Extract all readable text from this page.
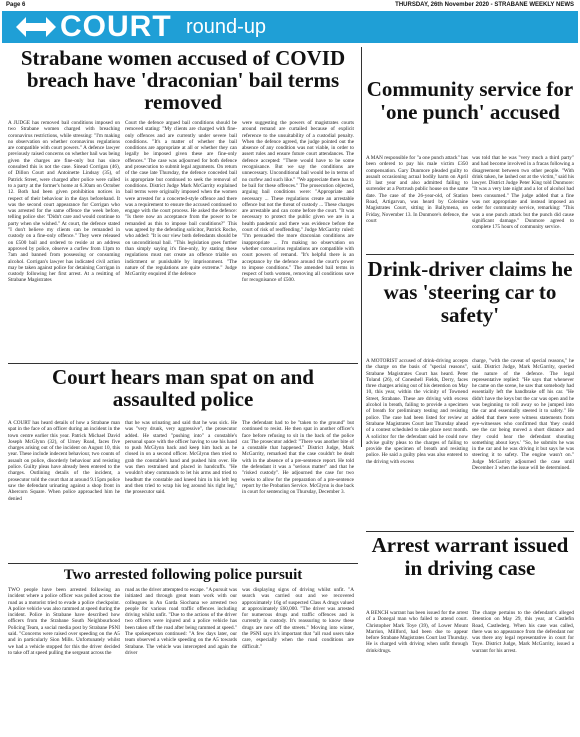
Page 6	THURSDAY, 26th November 2020 - STRABANE WEEKLY NEWS
COURT round-up
Strabane women accused of COVID breach have 'draconian' bail terms removed
A JUDGE has removed bail conditions imposed on two Strabane women charged with breaching coronavirus restrictions, while stressing: "I'm making no observation on whether coronavirus regulations are compatible with court powers." A defence lawyer previously raised concerns on whether bail was being given the charges are fine-only but has since consulted this is not the case. Sinead Corrigan (46), of Dillon Court and Antoinette Lindsay (35), of Patrick Street, were charged after police were called to a party at the former's home at 6.30am on October 12. Both had been given prohibition notices in respect of their behaviour in the days beforehand. It was the second court appearance for Corrigan who was arrested for the same offence the week before, telling police she: "Didn't care and would continue to party when she wished." At court, the defence stated "I don't believe my clients can be remanded in custody on a fine-only offence." They were released on £500 bail and ordered to reside at an address approved by police, observe a curfew from 11pm to 7am and banned from possessing or consuming alcohol. Corrigan's lawyer has indicated civil action may be taken against police for detaining Corrigan in custody following her first arrest. At a resitting of Strabane Magistrates
Court the defence argued bail conditions should be removed stating: "My clients are charged with fine-only offences and are currently under severe bail conditions. "It's a matter of whether the bail conditions are appropriate at all or whether they can legally be imposed given these are fine-only offences." The case was adjourned for both defence and prosecution to submit legal arguments. On return of the case late Thursday, the defence conceded bail is appropriate but continued to seek the removal of conditions. District Judge Mark McGarrity explained bail terms were originally imposed when the women were arrested for a concerted-style offence and there was a requirement to ensure the accused continued to engage with the court process. He asked the defence: "Is there now an acceptance from the power to be remanded as this to impose bail conditions?" This was agreed by the defending solicitor, Patrick Roche, who added: "It is our view both defendants should be on unconditional bail. "This legislation goes further than simply saying it's fine-only, by stating these regulations must not create an offence triable on indictment or punishable by imprisonment. "The nature of the regulations are quite extreme." Judge McGarrity enquired if the defence
were suggesting the powers of magistrates courts around remand are curtailed because of explicit reference to the unsuitability of a custodial penalty. When the defence agreed, the judge pointed out the absence of any condition was not viable, in order to assert rules and ensure future court attendances. The defence accepted: "There would have to be some recognisance. But we say the conditions are unnecessary. Unconditional bail would be in terms of no curfew and such like." "We appreciate there has to be bail for these offences." The prosecution objected, arguing bail conditions were: "Appropriate and necessary ... These regulations create an arrestable offence but not the threat of custody ... These charges are arrestable and can come before the court. "It was necessary to protect the public given we are in a health pandemic and there was evidence before the court of risk of reoffending." Judge McGarrity ruled: "I'm persuaded the more draconian conditions are inappropriate ... I'm making no observation on whether coronavirus regulations are compatible with court powers of remand. "It's helpful there is an acceptance by the defence around the court's power to impose conditions." The amended bail terms in respect of both women, removing all conditions save for recognisance of £500.
Community service for 'one punch' accused
A MAN responsible for "a one punch attack" has been ordered to pay his male victim £350 compensation. Gary Dunmore pleaded guilty to assault occasioning actual bodily harm on April 21 last year and also admitted failing to surrender at a Portrush public house on the same date. The case of the 26-year-old, of Station Road, Artigarvan, was heard by Coleraine Magistrates Court, sitting in Ballymena, on Friday, November 13. In Dunmore's defence, the court
was told that he was "very much a third party" and had become involved in a fracas following a disagreement between two other people. "With drink taken, he lashed out at the victim," said his lawyer. District Judge Peter King told Dunmore: "It was a very late night and a lot of alcohol had been consumed." The judge added that a fine was not appropriate and instead imposed an order for community service, remarking: "This was a one punch attack but the punch did cause significant damage." Dunmore agreed to complete 175 hours of community service.
Drink-driver claims he was 'steering car to safety'
A MOTORIST accused of drink-driving accepts the charge on the basis of "special reasons", Strabane Magistrates Court has heard. Peter Toland (26), of Coneshell Fields, Derry, faces three charges arising out of his detention on May 10, this year, within the vicinity of Townend Street, Strabane. These are driving with excess alcohol in breath, failing to provide a specimen of breath for preliminary testing and resisting police. The case had been listed for review at Strabane Magistrates Court last Thursday ahead of a contest scheduled to take place next month. A solicitor for the defendant said he could now advise guilty pleas to the charges of failing to provide the specimen of breath and resisting police. He said a guilty plea was also entered to the driving with excess
charge, "with the caveat of special reasons," he said. District Judge, Mark McGarrity, queried the nature of the defence. The legal representative replied: "He says that whenever he came on the scene, he saw that somebody had essentially left the handbrake off his car. "He didn't have the keys but the car was open and he was beginning to roll away so he jumped into the car and essentially steered it to safety." He added that there were witness statements from eye-witnesses who confirmed that 'they could see the car being moved a short distance and they could hear the defendant shouting something about keys.' "So, he submits he was in the car and he was driving it but says he was steering it to safety. The engine wasn't on." Judge McGarrity adjourned the case until December 3 when the issue will be determined.
Court hears man spat on and assaulted police
A COURT has heard details of how a Strabane man spat in the face of an officer during an incident in the town centre earlier this year. Patrick Michael David Joseph McGlynn (32), of Urney Road, faces five charges arising out of the incident on August 10, this year. These include indecent behaviour, two counts of assault on police, disorderly behaviour and resisting police. Guilty pleas have already been entered to the charges. Outlining details of the incident, a prosecutor told the court that at around 9.15pm police saw the defendant urinating against a shop front in Abercorn Square. When police approached him he denied
that he was urinating and said that he was sick. He was "very drunk, very aggressive", the prosecutor added. He started "pushing into" a constable's personal space with the officer having to use his hand to push McGlynn back and keep him back as he closed in on a second officer. McGlynn then tried to grab the constable's hand and pushed him over. He was then restrained and placed in handcuffs. "He wouldn't obey commands to let his arms and tried to headbutt the constable and kneed him in his left leg and then tried to wrap his leg around his right leg," the prosecutor said.
The defendant had to be "taken to the ground" but continued to resist. He then spat in another officer's face before refusing to sit in the back of the police car. The prosecutor added: "There was another bite of a constable that happened." District Judge, Mark McGarrity, remarked that the case couldn't be dealt with in the absence of a pre-sentence report. He told the defendant it was a "serious matter" and that he "risked custody". He adjourned the case for two weeks to allow for the preparation of a pre-sentence report by the Probation Service. McGlynn is due back in court for sentencing on Thursday, December 3.
Two arrested following police pursuit
TWO people have been arrested following an incident where a police officer was pulled across the road as a motorist tried to evade a police checkpoint. A police vehicle was also rammed at speed during the incident. Police in Strabane have described how officers from the Strabane South Neighbourhood Policing Team, a social media post by Strabane PSNI said. "Concerns were raised over speeding on the A5 and in particularly Sion Mills. Unfortunately whilst we had a vehicle stopped for this the driver decided to take off at speed pulling the sergeant across the
road as the driver attempted to escape. "A pursuit was initiated and through great team work with our colleagues in An Garda Siochana we arrested two people for various road traffic offences including driving whilst unfit. "Due to the actions of the driver two officers were injured and a police vehicle has been taken off the road after being rammed at speed." The spokesperson continued: "A few days later, our team observed a vehicle speeding on the A5 towards Strabane. The vehicle was intercepted and again the driver
was displaying signs of driving whilst unfit. "A search was carried out and we recovered approximately 16g of suspected Class A drugs valued at approximately £60,000. "The driver was arrested for numerous drugs and traffic offences and is currently in custody. It's reassuring to know these drugs are now off the streets." Moving into winter, the PSNI says it's important that "all road users take care, especially when the road conditions are difficult."
Arrest warrant issued in driving case
A BENCH warrant has been issued for the arrest of a Donegal man who failed to attend court. Christopher Mark Toye (39), of Lower Mount Marrion, Millford, had been due to appear before Strabane Magistrates Court last Thursday. He is charged with driving when unfit through drink/drugs.
The charge pertains to the defendant's alleged detention on May 29, this year, at Castlefin Road, Castlederg. When his case was called, there was no appearance from the defendant nor was there any legal representative in court for Toye. District Judge, Mark McGarrity, issued a warrant for his arrest.
